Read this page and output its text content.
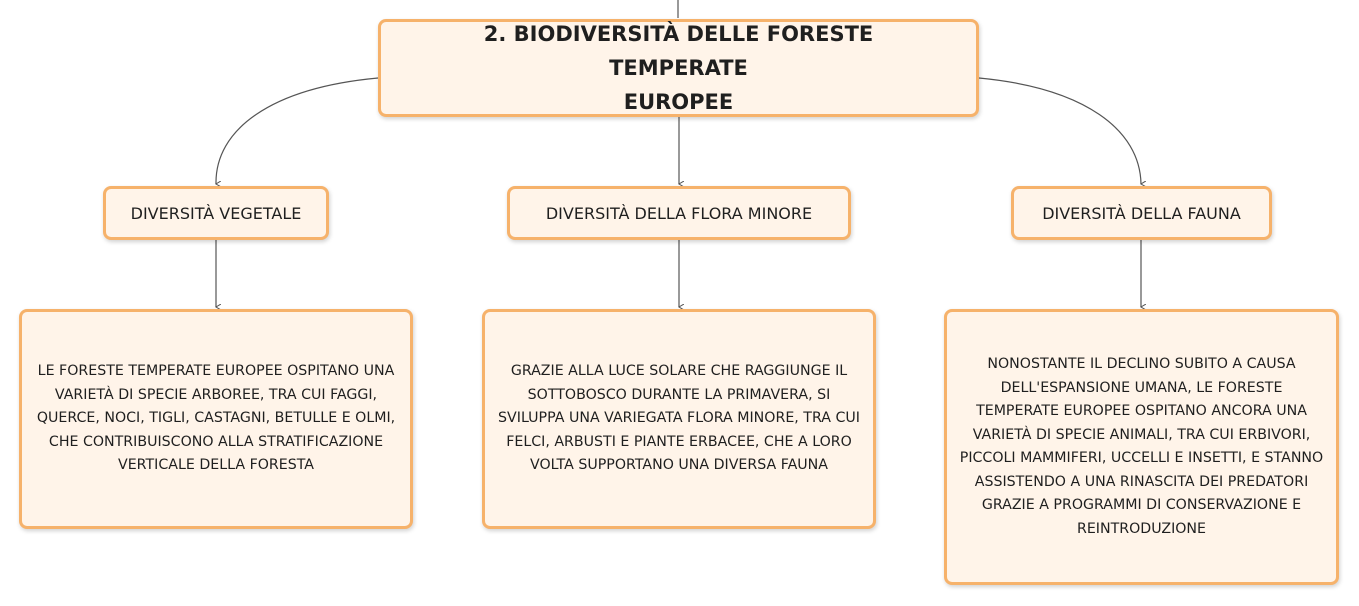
2. BIODIVERSITÀ DELLE FORESTE TEMPERATE
EUROPEE
DIVERSITÀ VEGETALE	DIVERSITÀ DELLA FLORA MINORE	DIVERSITÀ DELLA FAUNA
LE FORESTE TEMPERATE EUROPEE OSPITANO UNA VARIETÀ DI SPECIE ARBOREE, TRA CUI FAGGI, QUERCE, NOCI, TIGLI, CASTAGNI, BETULLE E OLMI, CHE CONTRIBUISCONO ALLA STRATIFICAZIONE VERTICALE DELLA FORESTA
GRAZIE ALLA LUCE SOLARE CHE RAGGIUNGE IL SOTTOBOSCO DURANTE LA PRIMAVERA, SI SVILUPPA UNA VARIEGATA FLORA MINORE, TRA CUI FELCI, ARBUSTI E PIANTE ERBACEE, CHE A LORO VOLTA SUPPORTANO UNA DIVERSA FAUNA
NONOSTANTE IL DECLINO SUBITO A CAUSA DELL'ESPANSIONE UMANA, LE FORESTE TEMPERATE EUROPEE OSPITANO ANCORA UNA VARIETÀ DI SPECIE ANIMALI, TRA CUI ERBIVORI, PICCOLI MAMMIFERI, UCCELLI E INSETTI, E STANNO ASSISTENDO A UNA RINASCITA DEI PREDATORI GRAZIE A PROGRAMMI DI CONSERVAZIONE E REINTRODUZIONE
